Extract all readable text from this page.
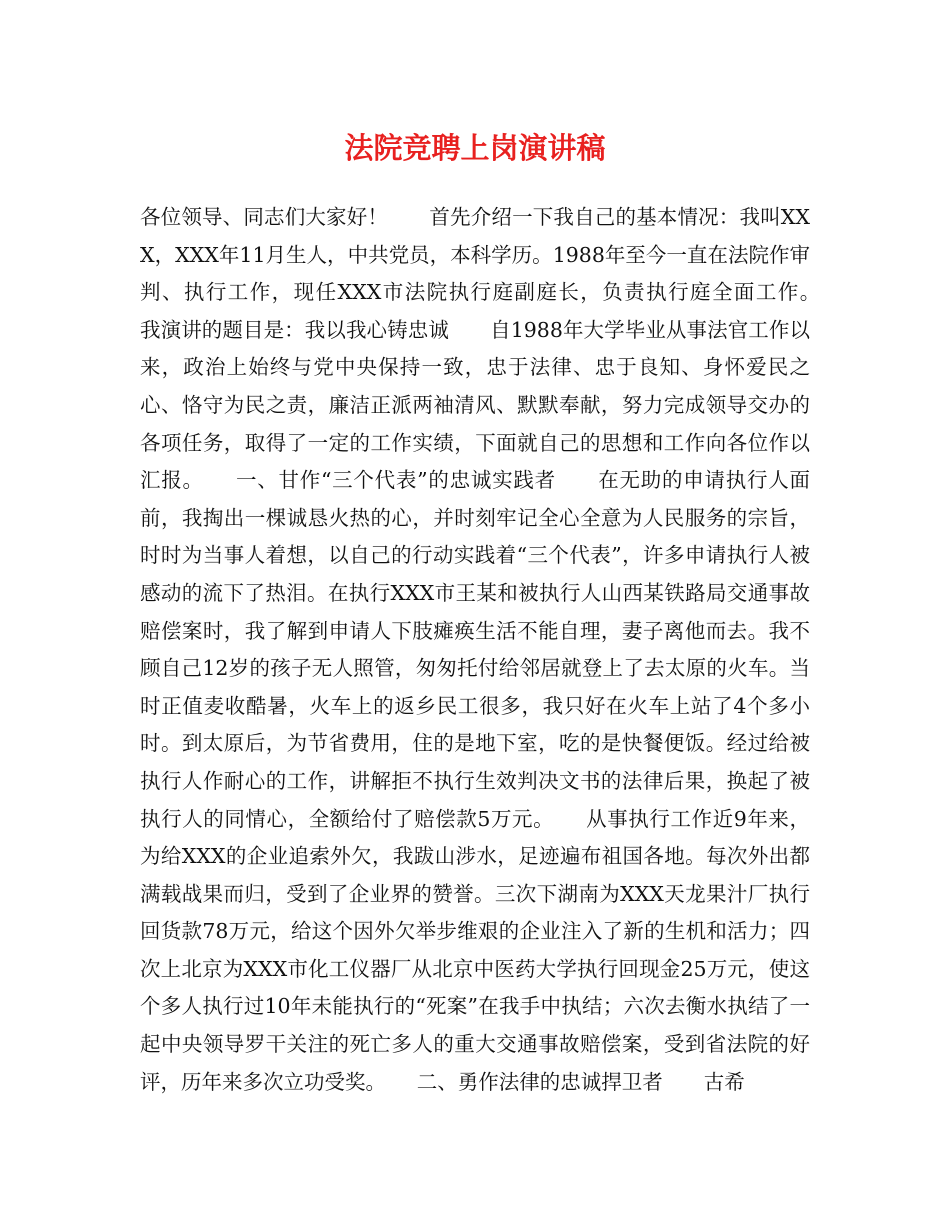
法院竞聘上岗演讲稿

各位领导、同志们大家好！　　首先介绍一下我自己的基本情况：我叫XXX，XXX年11月生人，中共党员，本科学历。1988年至今一直在法院作审判、执行工作，现任XXX市法院执行庭副庭长，负责执行庭全面工作。　　我演讲的题目是：我以我心铸忠诚　　自1988年大学毕业从事法官工作以来，政治上始终与党中央保持一致，忠于法律、忠于良知、身怀爱民之心、恪守为民之责，廉洁正派两袖清风、默默奉献，努力完成领导交办的各项任务，取得了一定的工作实绩，下面就自己的思想和工作向各位作以汇报。　　一、甘作“三个代表”的忠诚实践者　　在无助的申请执行人面前，我掏出一棵诚恳火热的心，并时刻牢记全心全意为人民服务的宗旨，时时为当事人着想，以自己的行动实践着“三个代表”，许多申请执行人被感动的流下了热泪。在执行XXX市王某和被执行人山西某铁路局交通事故赔偿案时，我了解到申请人下肢瘫痪生活不能自理，妻子离他而去。我不顾自己12岁的孩子无人照管，匆匆托付给邻居就登上了去太原的火车。当时正值麦收酷暑，火车上的返乡民工很多，我只好在火车上站了4个多小时。到太原后，为节省费用，住的是地下室，吃的是快餐便饭。经过给被执行人作耐心的工作，讲解拒不执行生效判决文书的法律后果，换起了被执行人的同情心，全额给付了赔偿款5万元。　　从事执行工作近9年来，为给XXX的企业追索外欠，我跋山涉水，足迹遍布祖国各地。每次外出都满载战果而归，受到了企业界的赞誉。三次下湖南为XXX天龙果汁厂执行回货款78万元，给这个因外欠举步维艰的企业注入了新的生机和活力；四次上北京为XXX市化工仪器厂从北京中医药大学执行回现金25万元，使这个多人执行过10年未能执行的“死案”在我手中执结；六次去衡水执结了一起中央领导罗干关注的死亡多人的重大交通事故赔偿案，受到省法院的好评，历年来多次立功受奖。　　二、勇作法律的忠诚捍卫者　　古希
